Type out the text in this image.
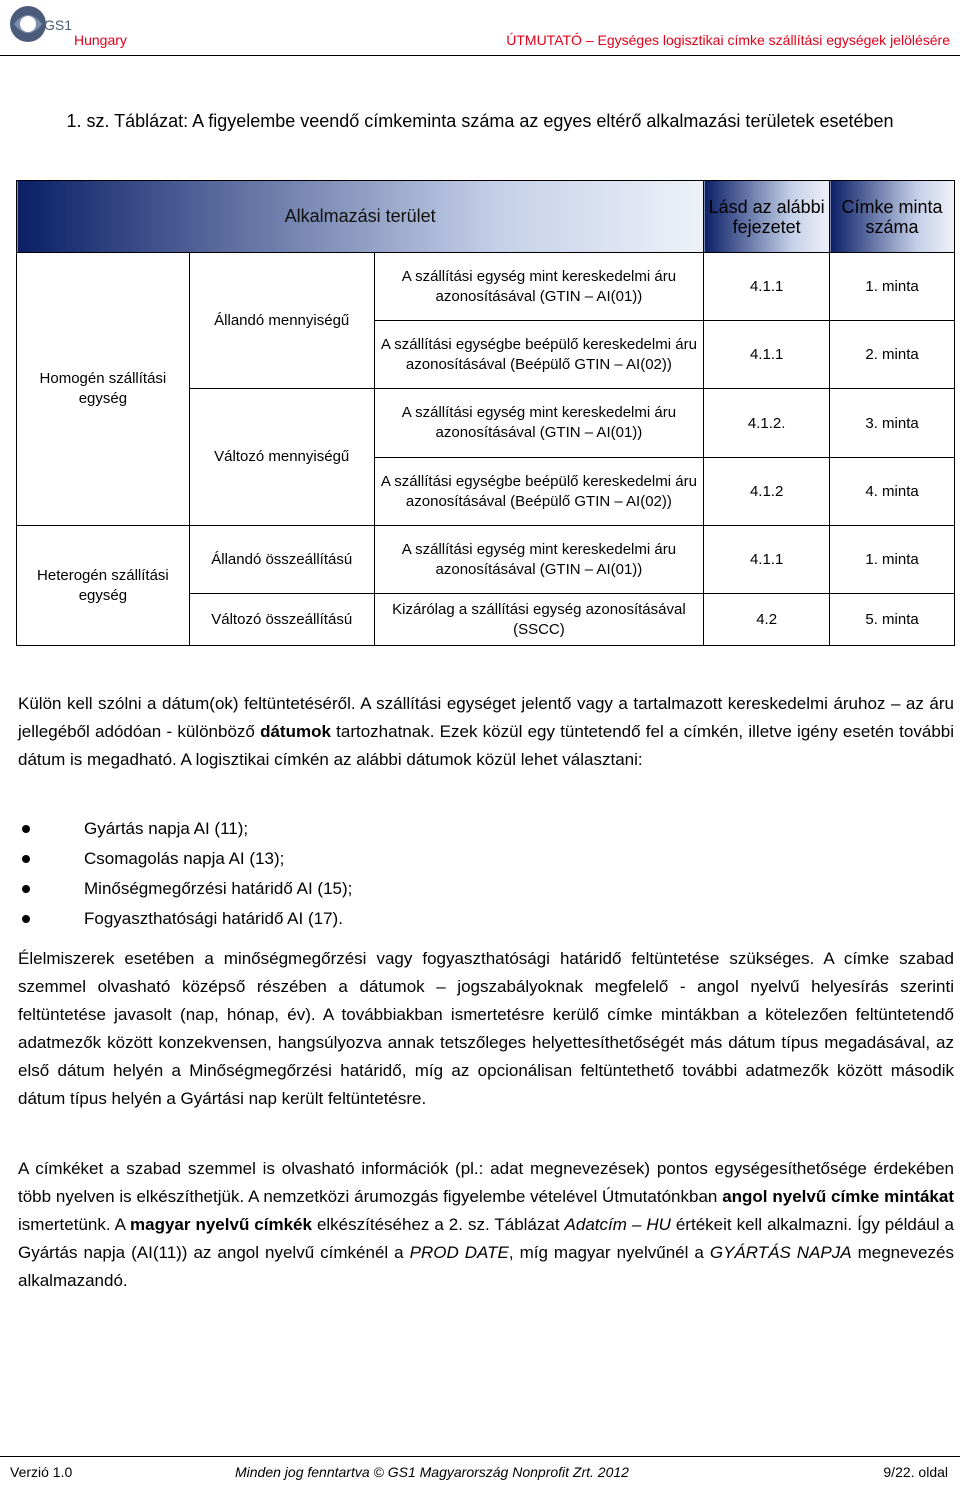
GS1
Hungary	ÚTMUTATÓ – Egységes logisztikai címke szállítási egységek jelölésére
1. sz. Táblázat: A figyelembe veendő címkeminta száma az egyes eltérő alkalmazási területek esetében
Alkalmazási terület			Lásd az alábbi fejezetet	Címke minta száma
Homogén szállítási egység	Állandó mennyiségű	A szállítási egység mint kereskedelmi áru azonosításával (GTIN – AI(01))	4.1.1	1. minta
		A szállítási egységbe beépülő kereskedelmi áru azonosításával (Beépülő GTIN – AI(02))	4.1.1	2. minta
	Változó mennyiségű	A szállítási egység mint kereskedelmi áru azonosításával (GTIN – AI(01))	4.1.2.	3. minta
		A szállítási egységbe beépülő kereskedelmi áru azonosításával (Beépülő GTIN – AI(02))	4.1.2	4. minta
Heterogén szállítási egység	Állandó összeállítású	A szállítási egység mint kereskedelmi áru azonosításával (GTIN – AI(01))	4.1.1	1. minta
	Változó összeállítású	Kizárólag a szállítási egység azonosításával (SSCC)	4.2	5. minta
Külön kell szólni a dátum(ok) feltüntetéséről. A szállítási egységet jelentő vagy a tartalmazott kereskedelmi áruhoz – az áru jellegéből adódóan - különböző dátumok tartozhatnak. Ezek közül egy tüntetendő fel a címkén, illetve igény esetén további dátum is megadható. A logisztikai címkén az alábbi dátumok közül lehet választani:
Gyártás napja AI (11);
Csomagolás napja AI (13);
Minőségmegőrzési határidő AI (15);
Fogyaszthatósági határidő AI (17).
Élelmiszerek esetében a minőségmegőrzési vagy fogyaszthatósági határidő feltüntetése szükséges. A címke szabad szemmel olvasható középső részében a dátumok – jogszabályoknak megfelelő - angol nyelvű helyesírás szerinti feltüntetése javasolt (nap, hónap, év). A továbbiakban ismertetésre kerülő címke mintákban a kötelezően feltüntetendő adatmezők között konzekvensen, hangsúlyozva annak tetszőleges helyettesíthetőségét más dátum típus megadásával, az első dátum helyén a Minőségmegőrzési határidő, míg az opcionálisan feltüntethető további adatmezők között második dátum típus helyén a Gyártási nap került feltüntetésre.
A címkéket a szabad szemmel is olvasható információk (pl.: adat megnevezések) pontos egységesíthetősége érdekében több nyelven is elkészíthetjük. A nemzetközi árumozgás figyelembe vételével Útmutatónkban angol nyelvű címke mintákat ismertetünk. A magyar nyelvű címkék elkészítéséhez a 2. sz. Táblázat Adatcím – HU értékeit kell alkalmazni. Így például a Gyártás napja (AI(11)) az angol nyelvű címkénél a PROD DATE, míg magyar nyelvűnél a GYÁRTÁS NAPJA megnevezés alkalmazandó.
Verzió 1.0	Minden jog fenntartva © GS1 Magyarország Nonprofit Zrt. 2012	9/22. oldal
